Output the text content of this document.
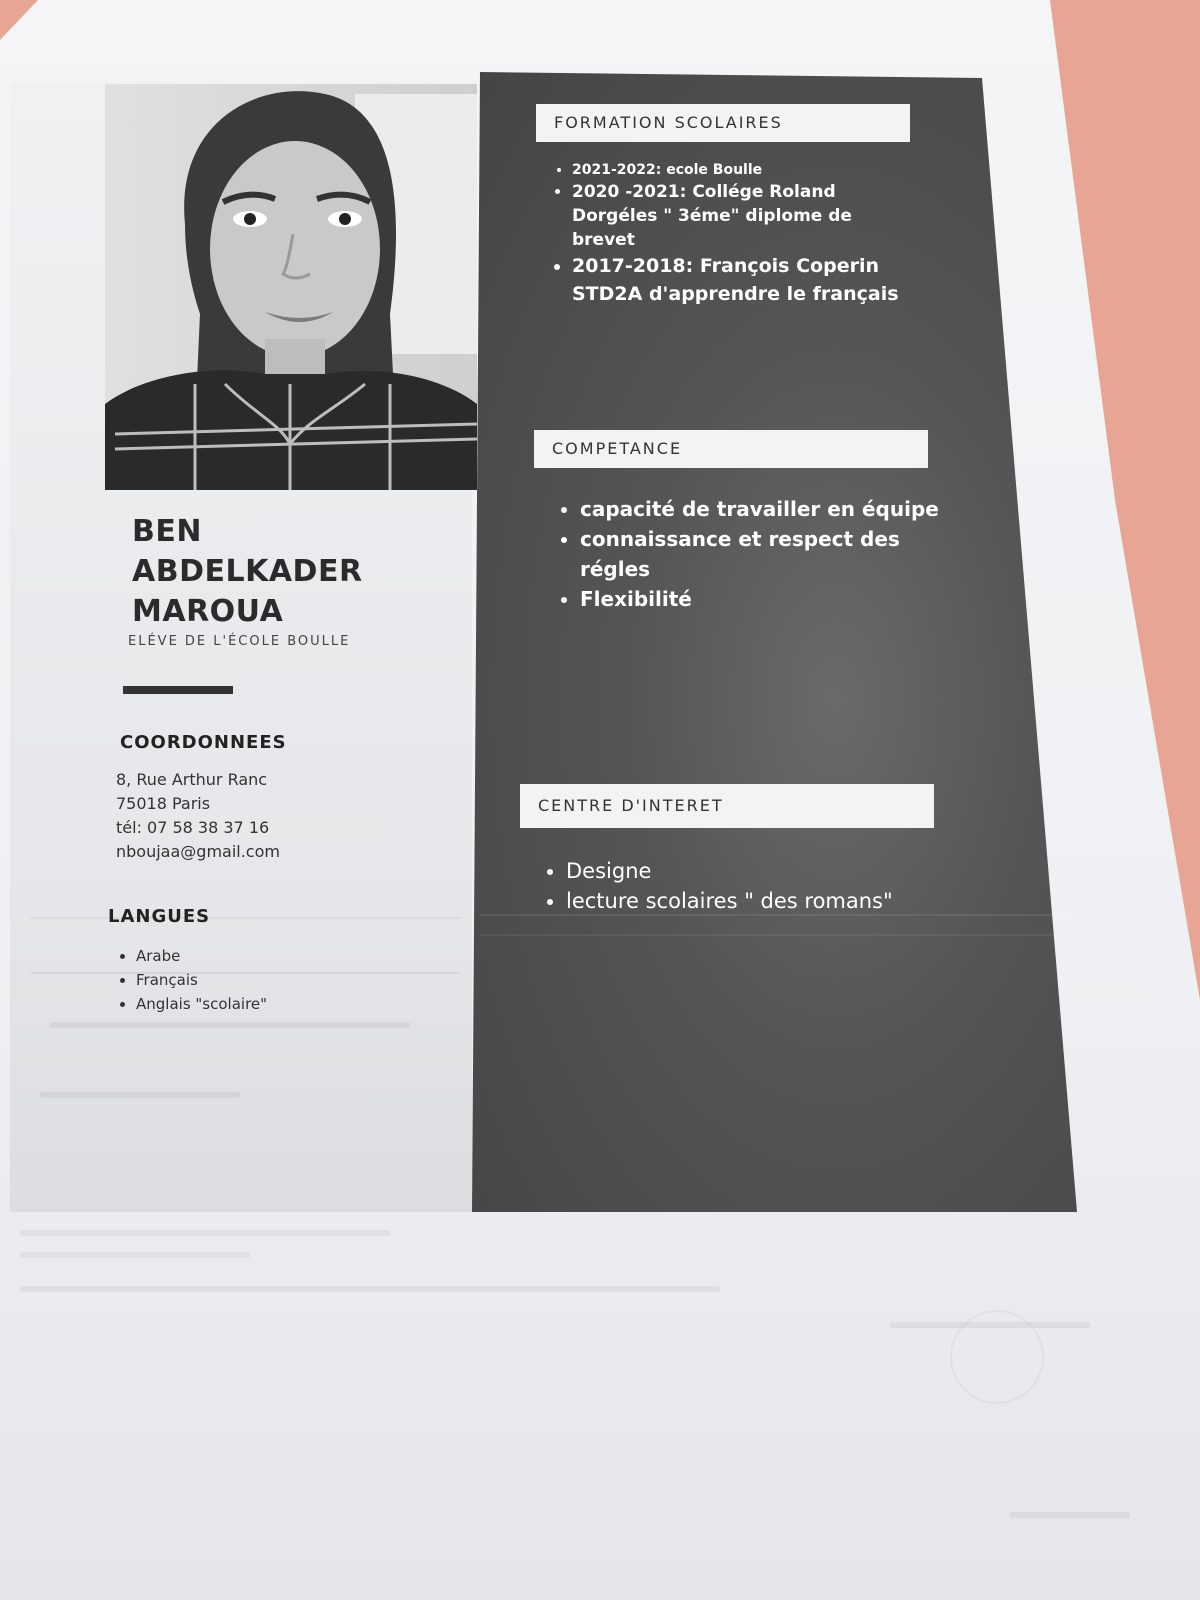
FORMATION SCOLAIRES
• 2021-2022: ecole Boulle
• 2020 -2021: Collége Roland Dorgéles " 3éme" diplome de brevet
• 2017-2018: François Coperin STD2A d'apprendre le français
COMPETANCE
• capacité de travailler en équipe
• connaissance et respect des régles
• Flexibilité
CENTRE D'INTERET
• Designe
• lecture scolaires " des romans"
BEN
ABDELKADER
MAROUA
ELÉVE DE L'ÉCOLE BOULLE
COORDONNEES
8, Rue Arthur Ranc
75018 Paris
tél: 07 58 38 37 16
nboujaa@gmail.com
LANGUES
• Arabe
• Français
• Anglais "scolaire"
